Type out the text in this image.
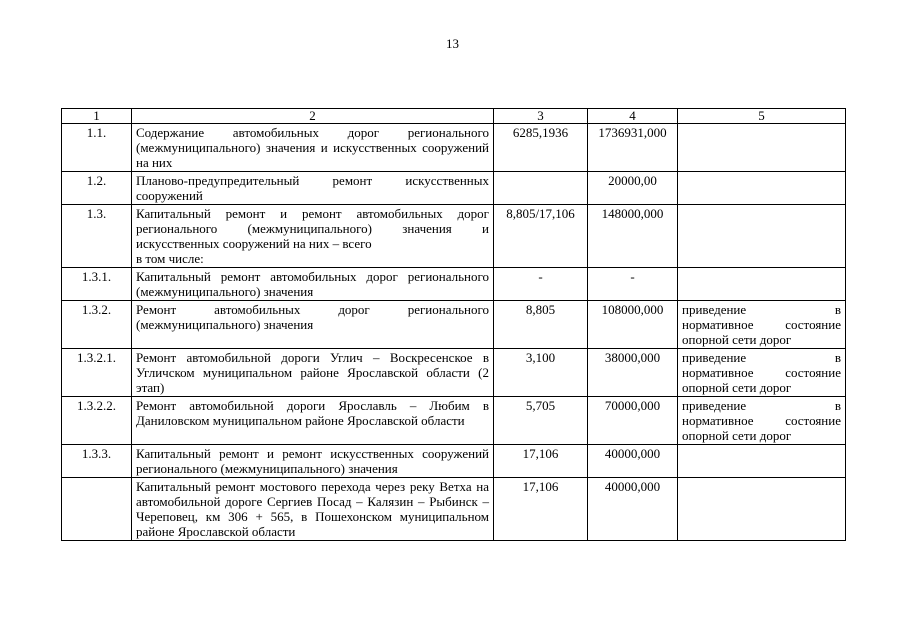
13
1	2	3	4	5
1.1.	Содержание автомобильных дорог регионального (межмуниципального) значения и искусственных сооружений на них	6285,1936	1736931,000	
1.2.	Планово-предупредительный ремонт искусственных сооружений		20000,00	
1.3.	Капитальный ремонт и ремонт автомобильных дорог регионального (межмуниципального) значения и искусственных сооружений на них – всего
в том числе:	8,805/17,106	148000,000	
1.3.1.	Капитальный ремонт автомобильных дорог регионального (межмуниципального) значения	-	-	
1.3.2.	Ремонт автомобильных дорог регионального (межмуниципального) значения	8,805	108000,000	приведение в
нормативное состояние опорной сети дорог

1.3.2.1.	Ремонт автомобильной дороги Углич – Воскресенское в Угличском муниципальном районе Ярославской области (2 этап)	3,100	38000,000	приведение в
нормативное состояние опорной сети дорог

1.3.2.2.	Ремонт автомобильной дороги Ярославль – Любим в Даниловском муниципальном районе Ярославской области	5,705	70000,000	приведение в
нормативное состояние опорной сети дорог

1.3.3.	Капитальный ремонт и ремонт искусственных сооружений регионального (межмуниципального) значения	17,106	40000,000	
	Капитальный ремонт мостового перехода через реку Ветха на автомобильной дороге Сергиев Посад – Калязин – Рыбинск – Череповец, км 306 + 565, в Пошехонском муниципальном районе Ярославской области	17,106	40000,000	
